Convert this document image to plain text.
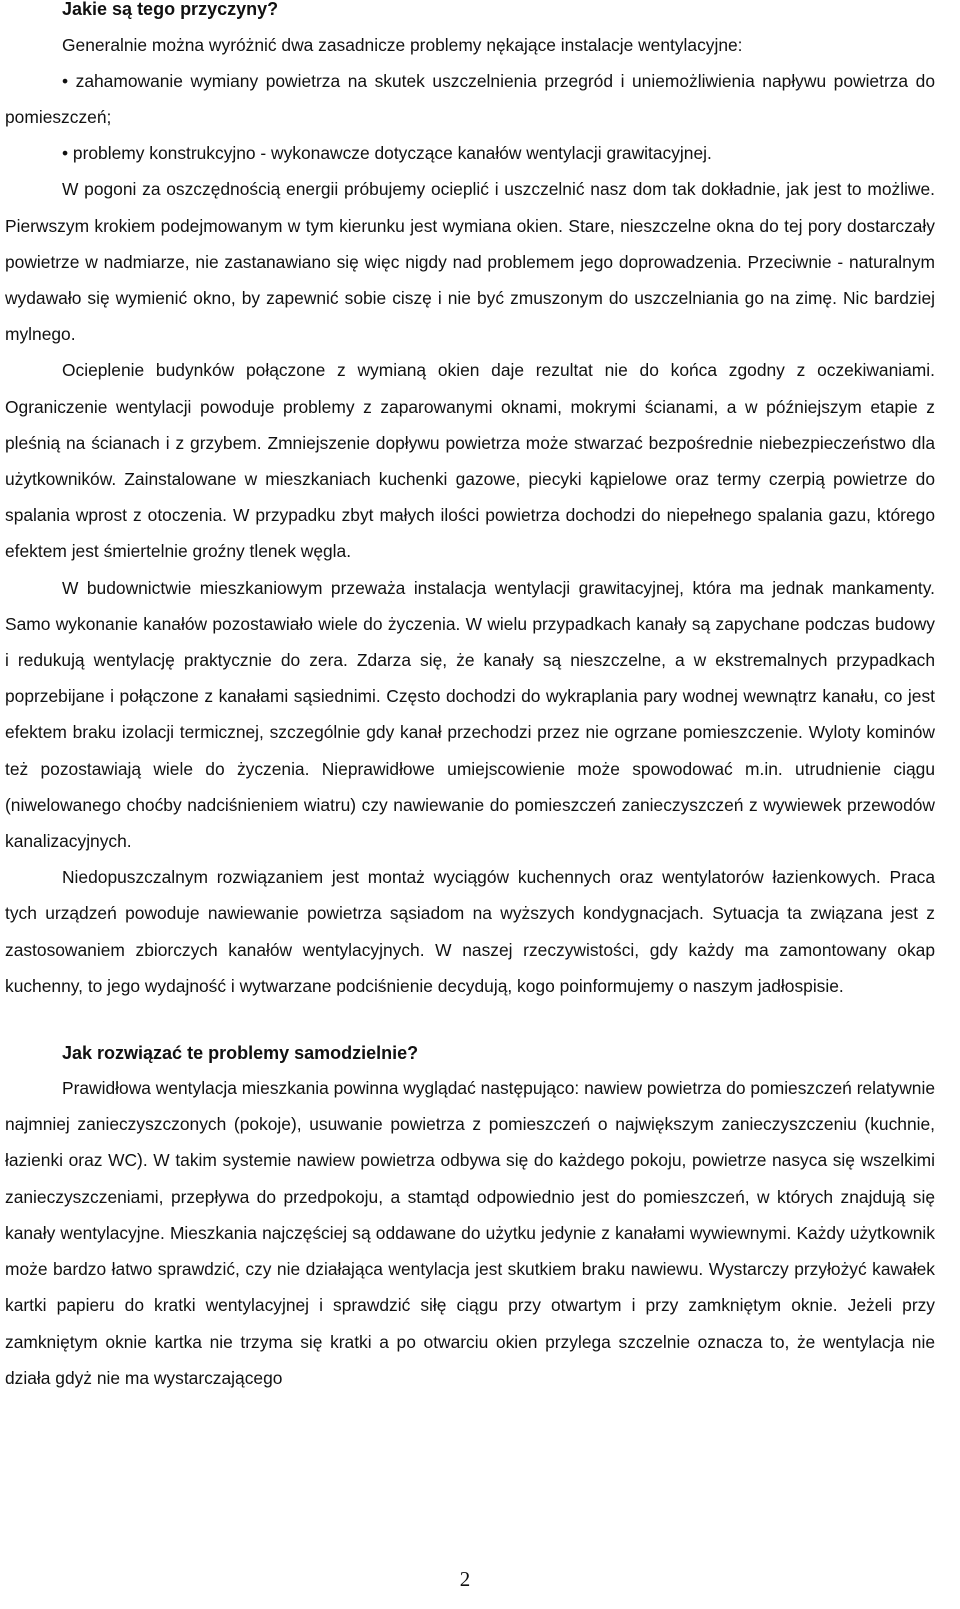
Jakie są tego przyczyny?

Generalnie można wyróżnić dwa zasadnicze problemy nękające instalacje wentylacyjne:

• zahamowanie wymiany powietrza na skutek uszczelnienia przegród i uniemożliwienia napływu powietrza do pomieszczeń;

• problemy konstrukcyjno - wykonawcze dotyczące kanałów wentylacji grawitacyjnej.

W pogoni za oszczędnością energii próbujemy ocieplić i uszczelnić nasz dom tak dokładnie, jak jest to możliwe. Pierwszym krokiem podejmowanym w tym kierunku jest wymiana okien. Stare, nieszczelne okna do tej pory dostarczały powietrze w nadmiarze, nie zastanawiano się więc nigdy nad problemem jego doprowadzenia. Przeciwnie - naturalnym wydawało się wymienić okno, by zapewnić sobie ciszę i nie być zmuszonym do uszczelniania go na zimę. Nic bardziej mylnego.

Ocieplenie budynków połączone z wymianą okien daje rezultat nie do końca zgodny z oczekiwaniami. Ograniczenie wentylacji powoduje problemy z zaparowanymi oknami, mokrymi ścianami, a w późniejszym etapie z pleśnią na ścianach i z grzybem. Zmniejszenie dopływu powietrza może stwarzać bezpośrednie niebezpieczeństwo dla użytkowników. Zainstalowane w mieszkaniach kuchenki gazowe, piecyki kąpielowe oraz termy czerpią powietrze do spalania wprost z otoczenia. W przypadku zbyt małych ilości powietrza dochodzi do niepełnego spalania gazu, którego efektem jest śmiertelnie groźny tlenek węgla.

W budownictwie mieszkaniowym przeważa instalacja wentylacji grawitacyjnej, która ma jednak mankamenty. Samo wykonanie kanałów pozostawiało wiele do życzenia. W wielu przypadkach kanały są zapychane podczas budowy i redukują wentylację praktycznie do zera. Zdarza się, że kanały są nieszczelne, a w ekstremalnych przypadkach poprzebijane i połączone z kanałami sąsiednimi. Często dochodzi do wykraplania pary wodnej wewnątrz kanału, co jest efektem braku izolacji termicznej, szczególnie gdy kanał przechodzi przez nie ogrzane pomieszczenie. Wyloty kominów też pozostawiają wiele do życzenia. Nieprawidłowe umiejscowienie może spowodować m.in. utrudnienie ciągu (niwelowanego choćby nadciśnieniem wiatru) czy nawiewanie do pomieszczeń zanieczyszczeń z wywiewek przewodów kanalizacyjnych.

Niedopuszczalnym rozwiązaniem jest montaż wyciągów kuchennych oraz wentylatorów łazienkowych. Praca tych urządzeń powoduje nawiewanie powietrza sąsiadom na wyższych kondygnacjach. Sytuacja ta związana jest z zastosowaniem zbiorczych kanałów wentylacyjnych. W naszej rzeczywistości, gdy każdy ma zamontowany okap kuchenny, to jego wydajność i wytwarzane podciśnienie decydują, kogo poinformujemy o naszym jadłospisie.

Jak rozwiązać te problemy samodzielnie?

Prawidłowa wentylacja mieszkania powinna wyglądać następująco: nawiew powietrza do pomieszczeń relatywnie najmniej zanieczyszczonych (pokoje), usuwanie powietrza z pomieszczeń o największym zanieczyszczeniu (kuchnie, łazienki oraz WC). W takim systemie nawiew powietrza odbywa się do każdego pokoju, powietrze nasyca się wszelkimi zanieczyszczeniami, przepływa do przedpokoju, a stamtąd odpowiednio jest do pomieszczeń, w których znajdują się kanały wentylacyjne. Mieszkania najczęściej są oddawane do użytku jedynie z kanałami wywiewnymi. Każdy użytkownik może bardzo łatwo sprawdzić, czy nie działająca wentylacja jest skutkiem braku nawiewu. Wystarczy przyłożyć kawałek kartki papieru do kratki wentylacyjnej i sprawdzić siłę ciągu przy otwartym i przy zamkniętym oknie. Jeżeli przy zamkniętym oknie kartka nie trzyma się kratki a po otwarciu okien przylega szczelnie oznacza to, że wentylacja nie działa gdyż nie ma wystarczającego

2
